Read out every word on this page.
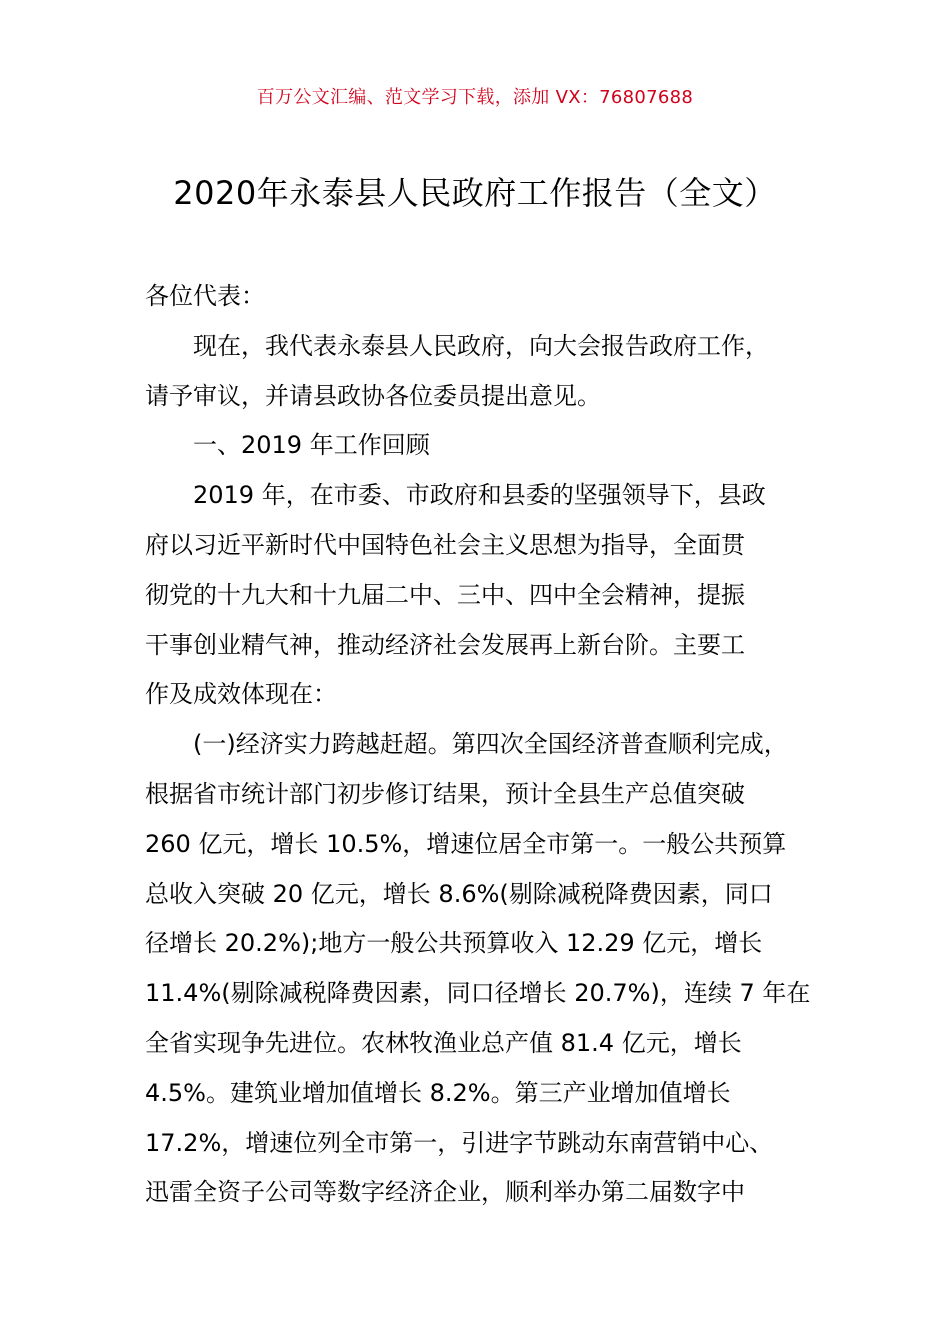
百万公文汇编、范文学习下载，添加 VX：76807688
2020年永泰县人民政府工作报告（全文）
各位代表：
现在，我代表永泰县人民政府，向大会报告政府工作，
请予审议，并请县政协各位委员提出意见。
一、2019 年工作回顾
2019 年，在市委、市政府和县委的坚强领导下，县政
府以习近平新时代中国特色社会主义思想为指导，全面贯
彻党的十九大和十九届二中、三中、四中全会精神，提振
干事创业精气神，推动经济社会发展再上新台阶。主要工
作及成效体现在：
(一)经济实力跨越赶超。第四次全国经济普查顺利完成，
根据省市统计部门初步修订结果，预计全县生产总值突破
260 亿元，增长 10.5%，增速位居全市第一。一般公共预算
总收入突破 20 亿元，增长 8.6%(剔除减税降费因素，同口
径增长 20.2%);地方一般公共预算收入 12.29 亿元，增长
11.4%(剔除减税降费因素，同口径增长 20.7%)，连续 7 年在
全省实现争先进位。农林牧渔业总产值 81.4 亿元，增长
4.5%。建筑业增加值增长 8.2%。第三产业增加值增长
17.2%，增速位列全市第一，引进字节跳动东南营销中心、
迅雷全资子公司等数字经济企业，顺利举办第二届数字中
